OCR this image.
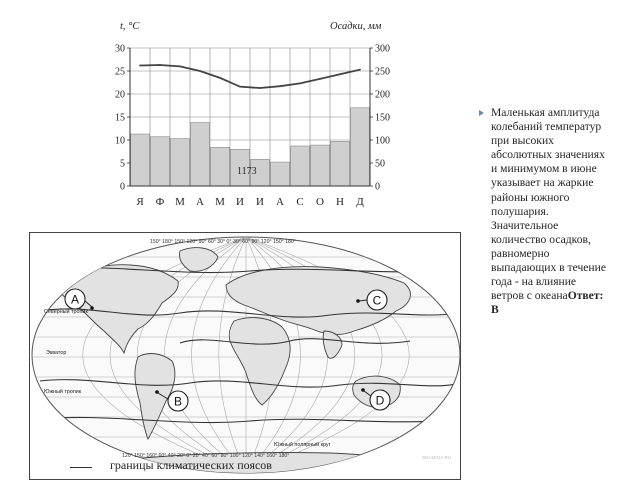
0	0
5	50
10	100
15	150
20	200
25	250
30	300
Я Ф М А М И И А С О Н Д
t, °C	Осадки, мм
1173
150° 180° 150° 120° 90° 60° 30° 0° 30° 60° 90° 120° 150° 180°
120° 150° 160° 60° 40° 20° 0° 20° 40° 60° 80° 100° 120° 140° 160° 180°
Северный тропик
Экватор
Южный тропик
Южный полярный круг
SDAMGIA.RU
A
B
C
D
границы климатических поясов
Маленькая амплитуда колебаний температур при высоких абсолютных значениях и минимумом в июне указывает на жаркие районы южного полушария. Значительное количество осадков, равномерно выпадающих в течение года - на влияние ветров с океанаОтвет: В
